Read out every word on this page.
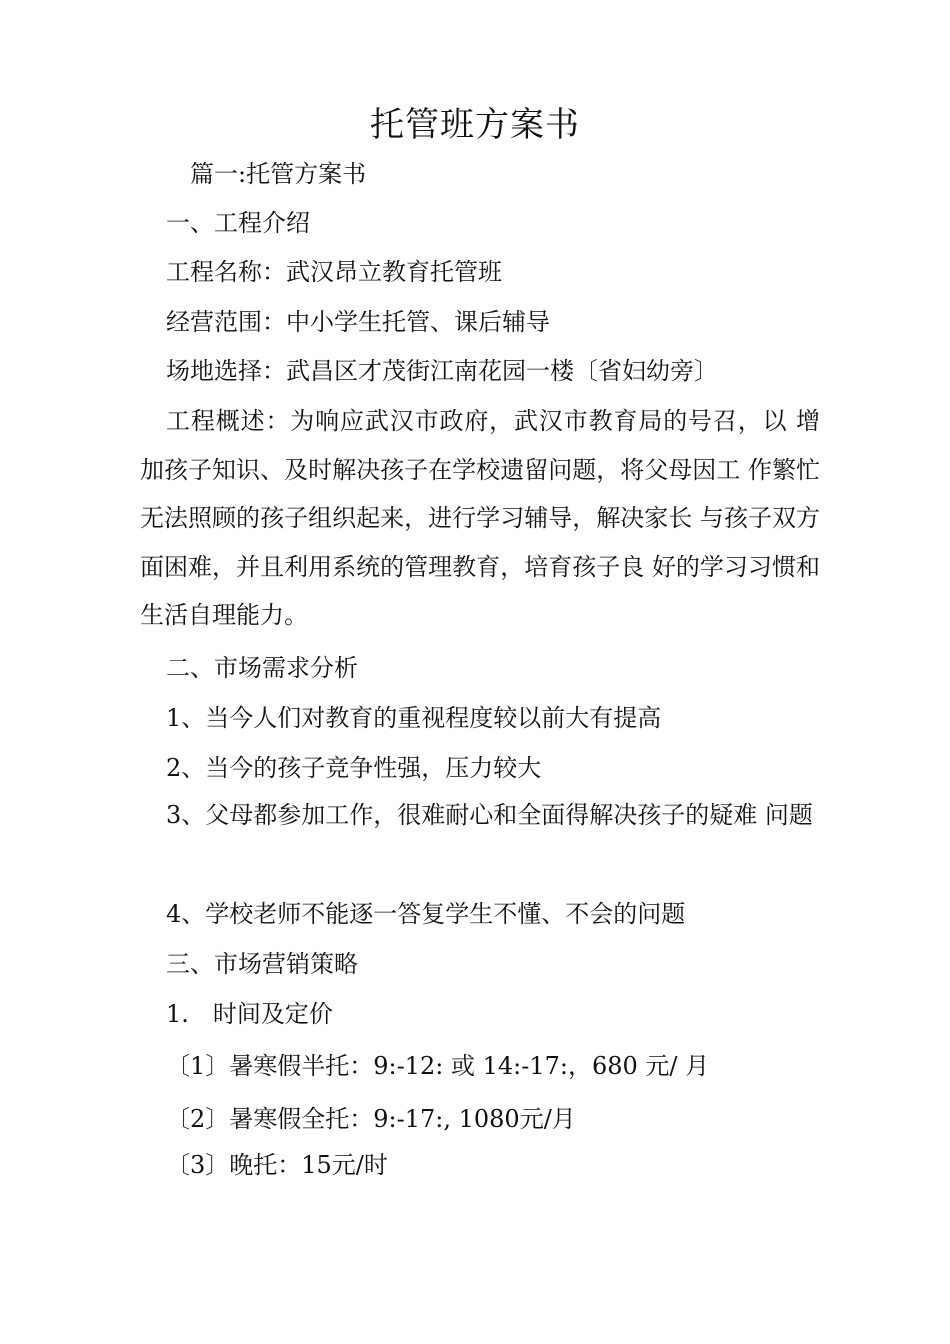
托管班方案书
篇一:托管方案书
一、工程介绍
工程名称：武汉昂立教育托管班
经营范围：中小学生托管、课后辅导
场地选择：武昌区才茂街江南花园一楼〔省妇幼旁〕
工程概述：为响应武汉市政府，武汉市教育局的号召，以 增加孩子知识、及时解决孩子在学校遗留问题，将父母因工 作繁忙无法照顾的孩子组织起来，进行学习辅导，解决家长 与孩子双方面困难，并且利用系统的管理教育，培育孩子良 好的学习习惯和生活自理能力。
二、市场需求分析
1、当今人们对教育的重视程度较以前大有提高
2、当今的孩子竞争性强，压力较大
3、父母都参加工作，很难耐心和全面得解决孩子的疑难 问题
4、学校老师不能逐一答复学生不懂、不会的问题
三、市场营销策略
1.　时间及定价
〔1〕暑寒假半托：9:-12: 或 14:-17:，680 元/ 月
〔2〕暑寒假全托：9:-17:, 1080元/月
〔3〕晚托：15元/时
